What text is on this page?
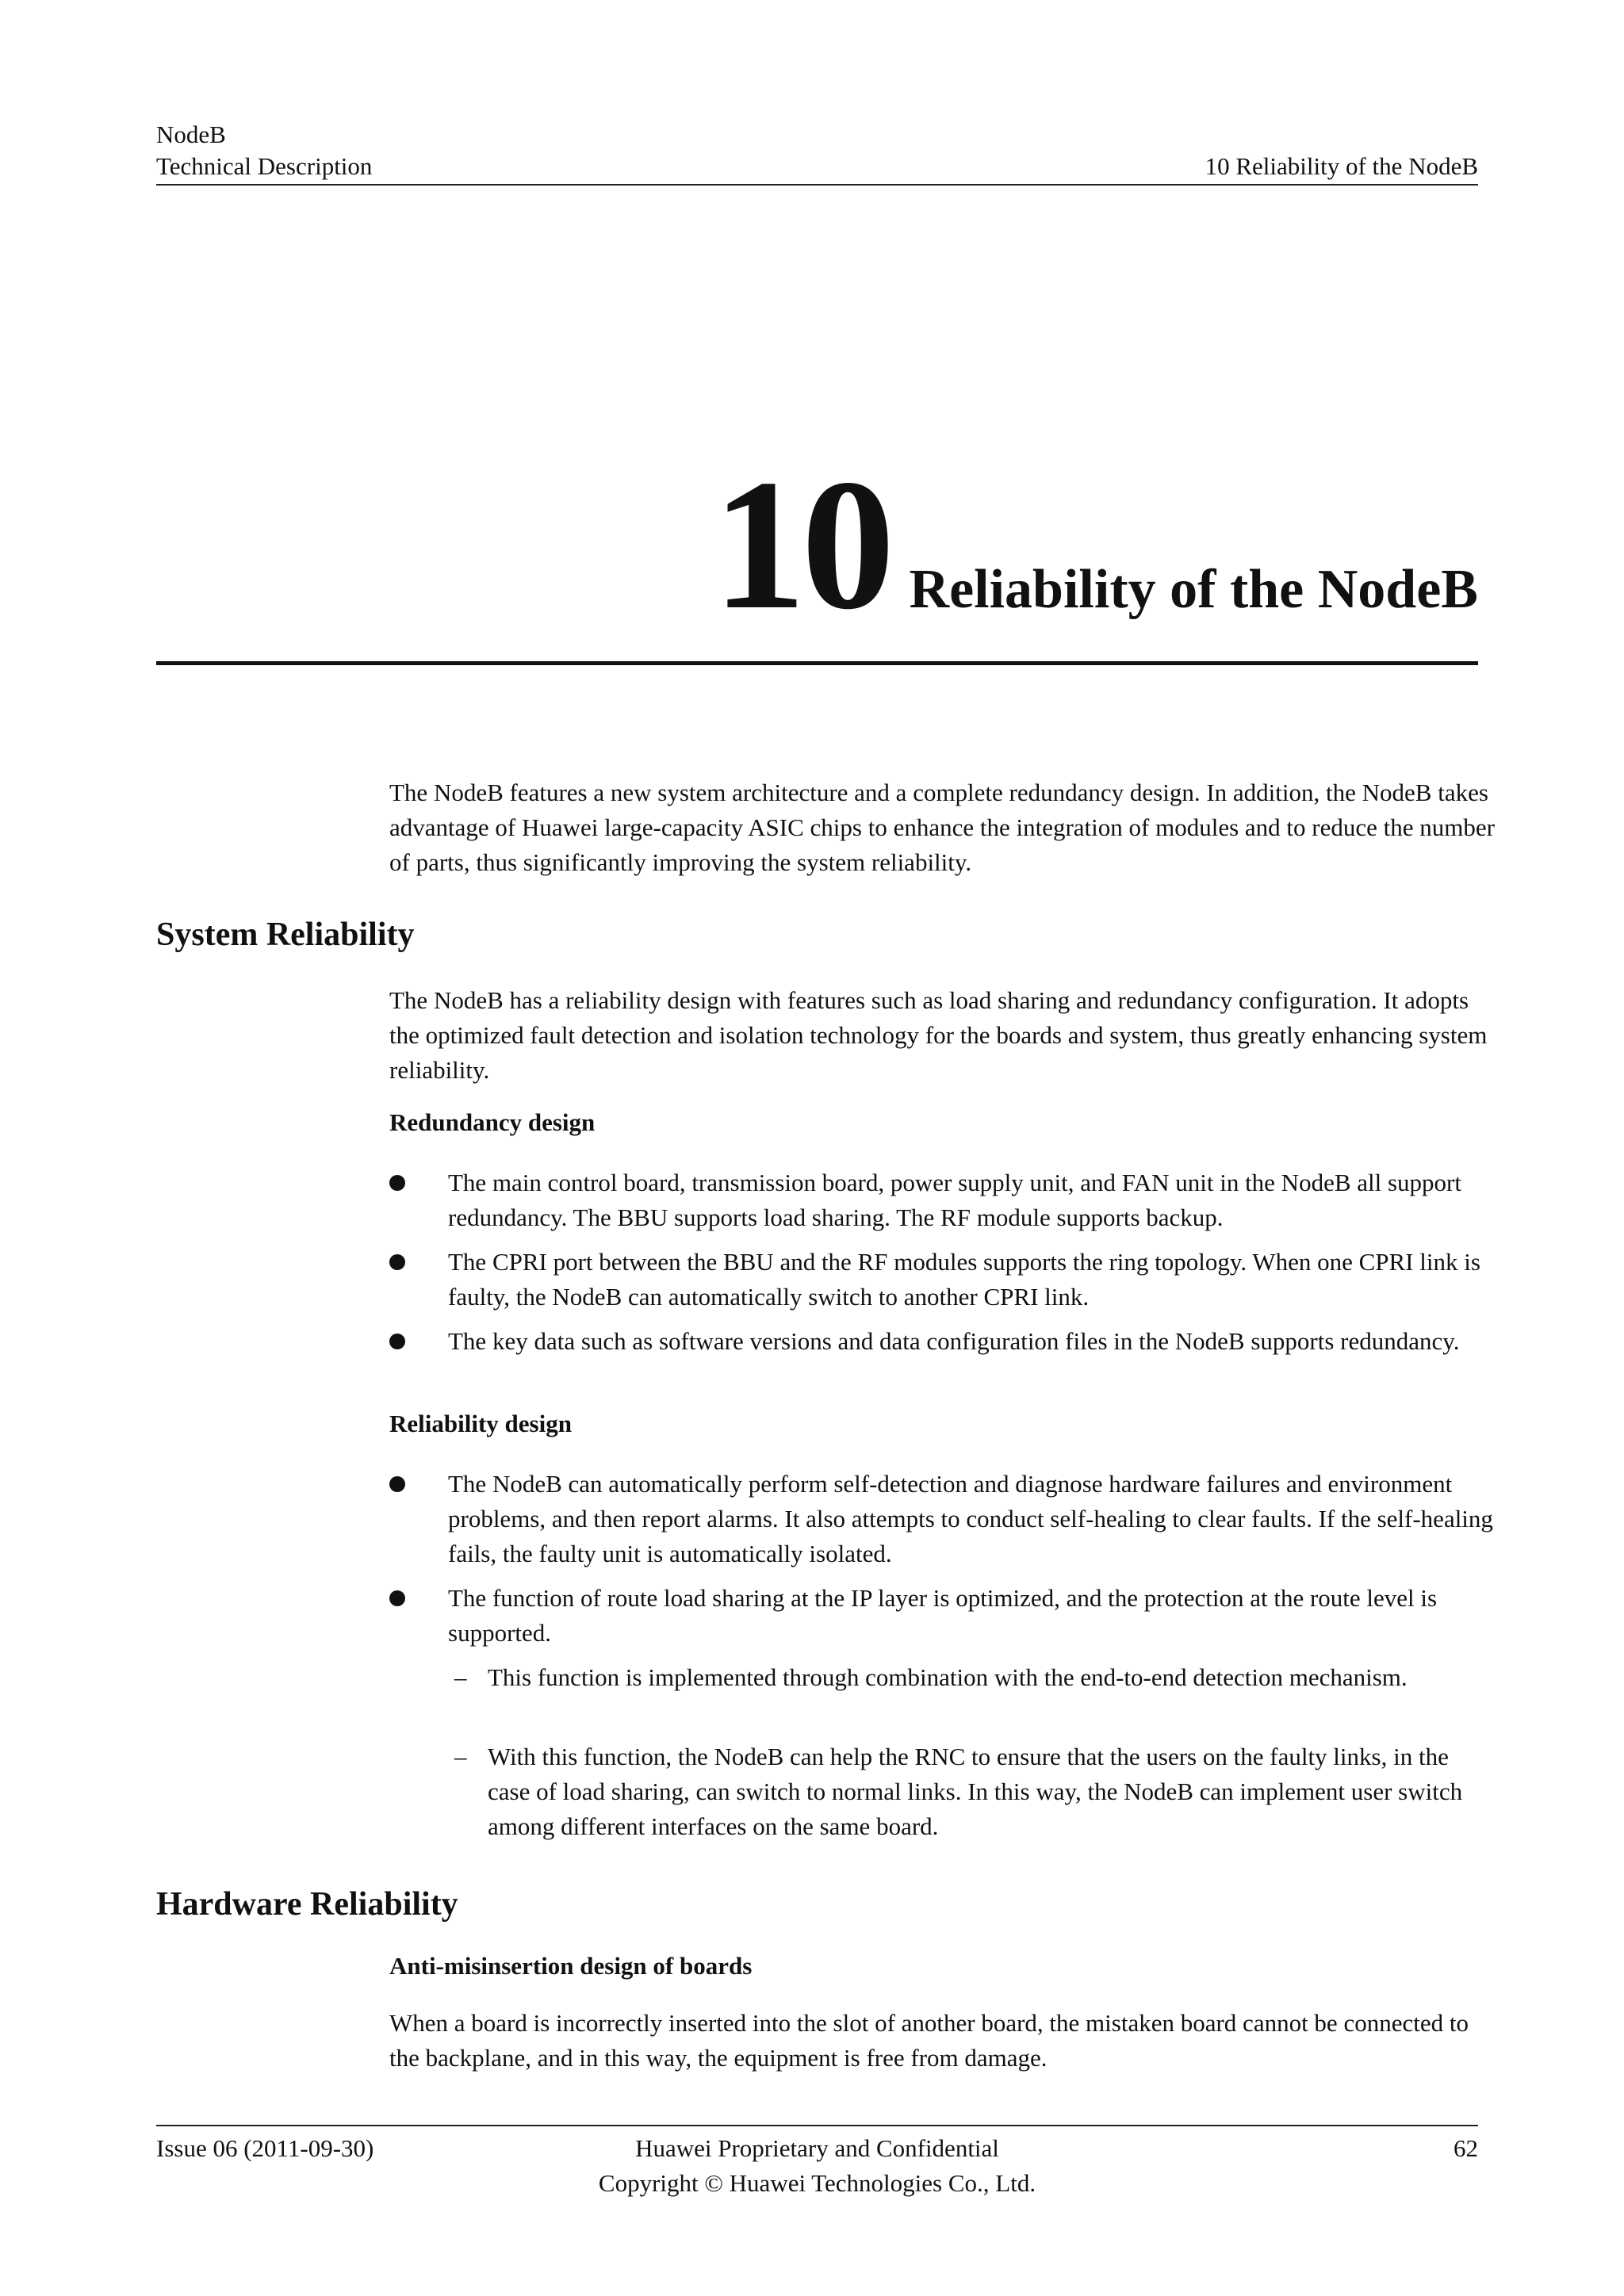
NodeB
Technical Description	10 Reliability of the NodeB
10 Reliability of the NodeB

The NodeB features a new system architecture and a complete redundancy design. In addition, the NodeB takes advantage of Huawei large-capacity ASIC chips to enhance the integration of modules and to reduce the number of parts, thus significantly improving the system reliability.

System Reliability

The NodeB has a reliability design with features such as load sharing and redundancy configuration. It adopts the optimized fault detection and isolation technology for the boards and system, thus greatly enhancing system reliability.

Redundancy design
The main control board, transmission board, power supply unit, and FAN unit in the NodeB all support redundancy. The BBU supports load sharing. The RF module supports backup.
The CPRI port between the BBU and the RF modules supports the ring topology. When one CPRI link is faulty, the NodeB can automatically switch to another CPRI link.
The key data such as software versions and data configuration files in the NodeB supports redundancy.
Reliability design
The NodeB can automatically perform self-detection and diagnose hardware failures and environment problems, and then report alarms. It also attempts to conduct self-healing to clear faults. If the self-healing fails, the faulty unit is automatically isolated.
The function of route load sharing at the IP layer is optimized, and the protection at the route level is supported.
– This function is implemented through combination with the end-to-end detection mechanism.
– With this function, the NodeB can help the RNC to ensure that the users on the faulty links, in the case of load sharing, can switch to normal links. In this way, the NodeB can implement user switch among different interfaces on the same board.
Hardware Reliability
Anti-misinsertion design of boards

When a board is incorrectly inserted into the slot of another board, the mistaken board cannot be connected to the backplane, and in this way, the equipment is free from damage.

Issue 06 (2011-09-30)	Huawei Proprietary and Confidential
Copyright © Huawei Technologies Co., Ltd.
62
